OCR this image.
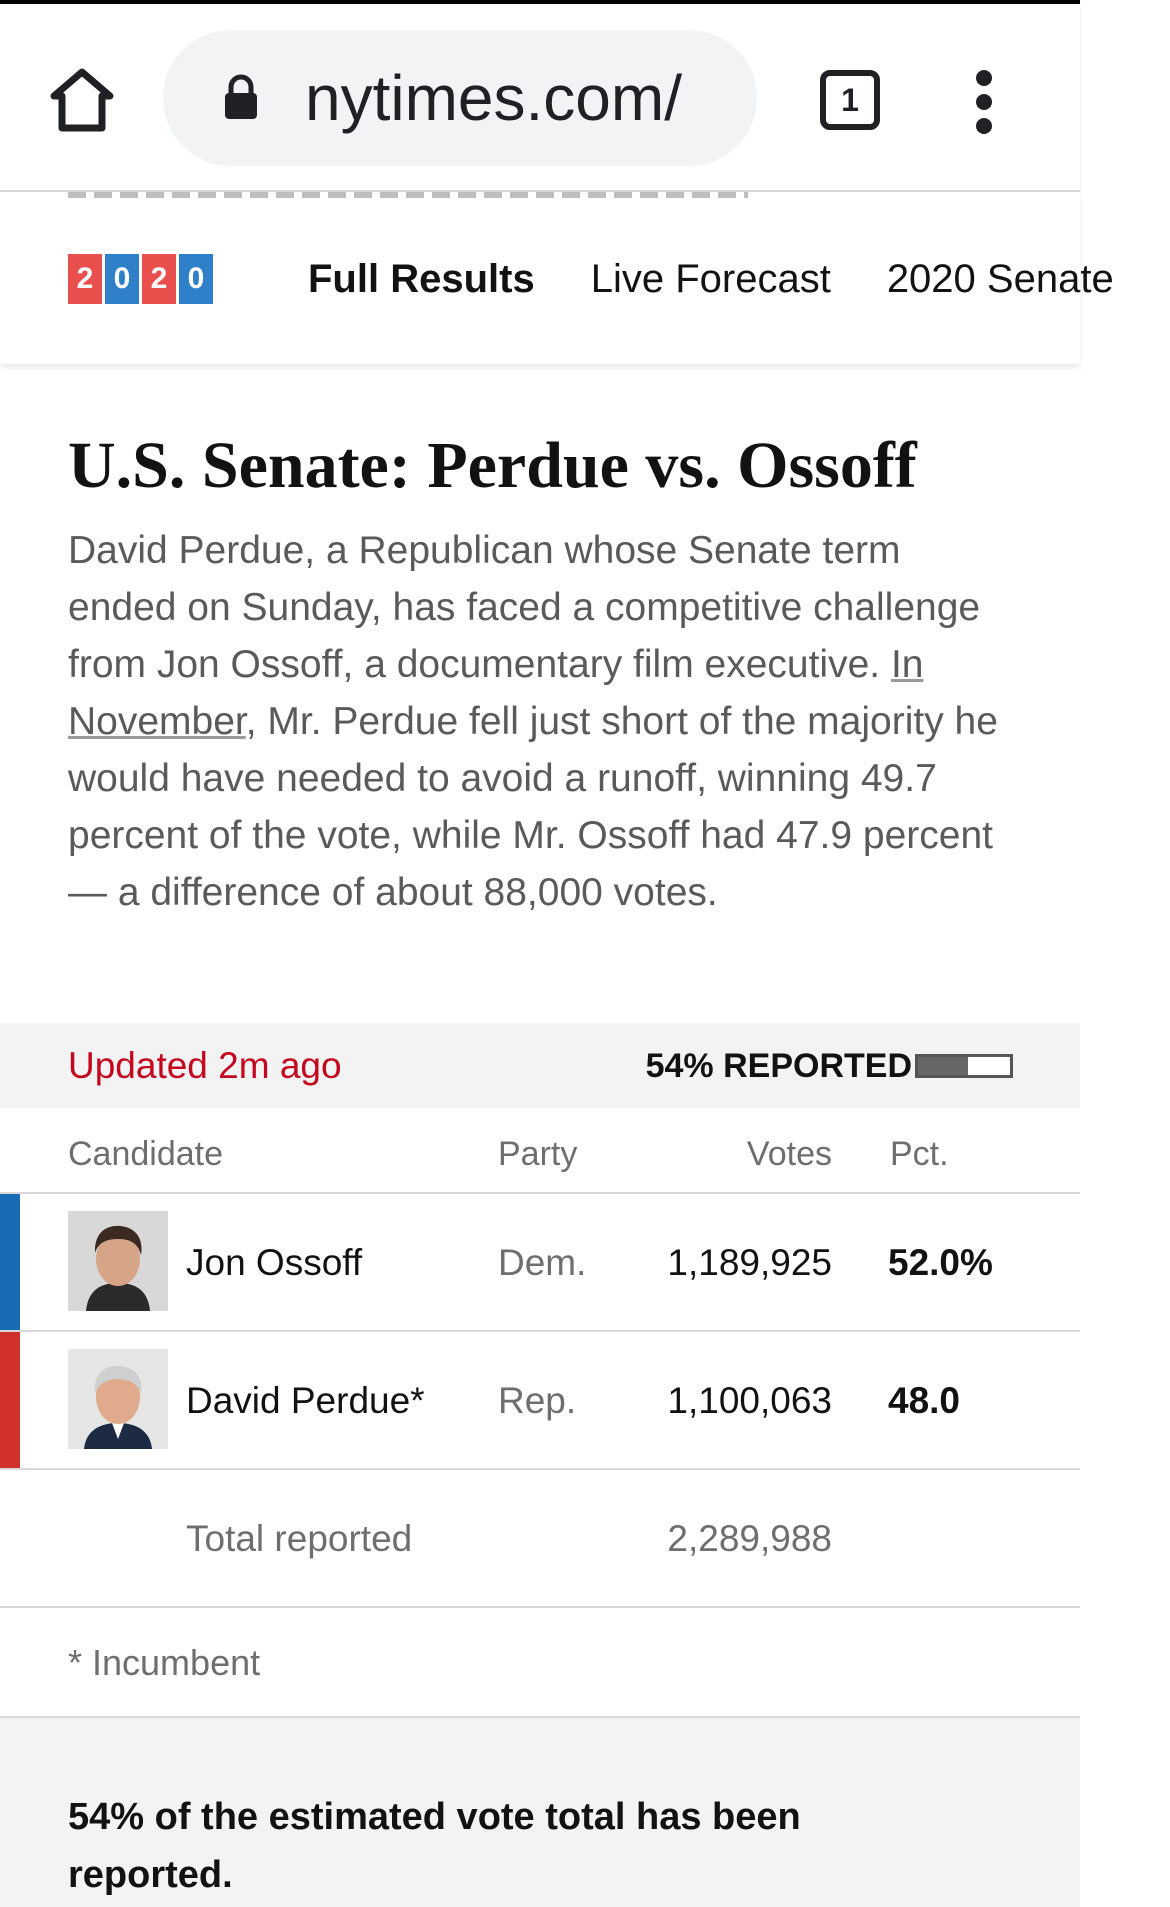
nytimes.com/	1
2 0 2 0	Full Results Live Forecast 2020 Senate
U.S. Senate: Perdue vs. Ossoff
David Perdue, a Republican whose Senate term ended on Sunday, has faced a competitive challenge from Jon Ossoff, a documentary film executive. In November, Mr. Perdue fell just short of the majority he would have needed to avoid a runoff, winning 49.7 percent of the vote, while Mr. Ossoff had 47.9 percent — a difference of about 88,000 votes.
Updated 2m ago	54% REPORTED
Candidate	Party	Votes Pct.
Jon Ossoff	Dem. 1,189,925 52.0%
David Perdue* Rep. 1,100,063 48.0
Total reported	2,289,988
* Incumbent
54% of the estimated vote total has been reported.
